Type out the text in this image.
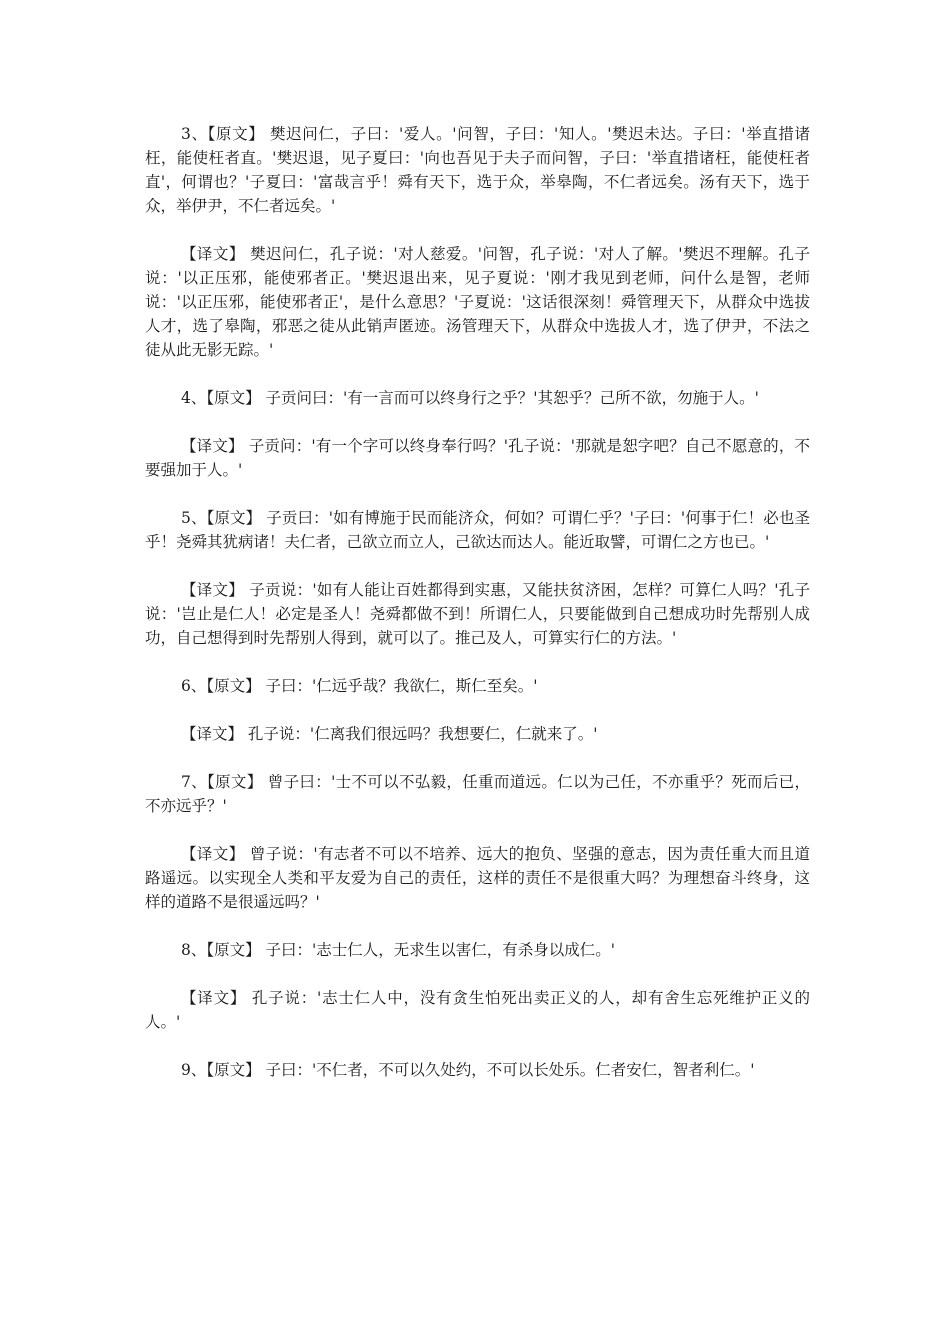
3、【原文】 樊迟问仁，子曰：'爱人。'问智，子曰：'知人。'樊迟未达。子曰：'举直措诸枉，能使枉者直。'樊迟退，见子夏曰：'向也吾见于夫子而问智，子曰：'举直措诸枉，能使枉者直'，何谓也？'子夏曰：'富哉言乎！舜有天下，选于众，举皋陶，不仁者远矣。汤有天下，选于众，举伊尹，不仁者远矣。'

【译文】 樊迟问仁，孔子说：'对人慈爱。'问智，孔子说：'对人了解。'樊迟不理解。孔子说：'以正压邪，能使邪者正。'樊迟退出来，见子夏说：'刚才我见到老师，问什么是智，老师说：'以正压邪，能使邪者正'，是什么意思？'子夏说：'这话很深刻！舜管理天下，从群众中选拔人才，选了皋陶，邪恶之徒从此销声匿迹。汤管理天下，从群众中选拔人才，选了伊尹，不法之徒从此无影无踪。'

4、【原文】 子贡问曰：'有一言而可以终身行之乎？'其恕乎？己所不欲，勿施于人。'

【译文】 子贡问：'有一个字可以终身奉行吗？'孔子说：'那就是恕字吧？自己不愿意的，不要强加于人。'

5、【原文】 子贡曰：'如有博施于民而能济众，何如？可谓仁乎？'子曰：'何事于仁！必也圣乎！尧舜其犹病诸！夫仁者，己欲立而立人，己欲达而达人。能近取譬，可谓仁之方也已。'

【译文】 子贡说：'如有人能让百姓都得到实惠，又能扶贫济困，怎样？可算仁人吗？'孔子说：'岂止是仁人！必定是圣人！尧舜都做不到！所谓仁人，只要能做到自己想成功时先帮别人成功，自己想得到时先帮别人得到，就可以了。推己及人，可算实行仁的方法。'

6、【原文】 子曰：'仁远乎哉？我欲仁，斯仁至矣。'

【译文】 孔子说：'仁离我们很远吗？我想要仁，仁就来了。'

7、【原文】 曾子曰：'士不可以不弘毅，任重而道远。仁以为己任，不亦重乎？死而后已，不亦远乎？'

【译文】 曾子说：'有志者不可以不培养、远大的抱负、坚强的意志，因为责任重大而且道路遥远。以实现全人类和平友爱为自己的责任，这样的责任不是很重大吗？为理想奋斗终身，这样的道路不是很遥远吗？'

8、【原文】 子曰：'志士仁人，无求生以害仁，有杀身以成仁。'

【译文】 孔子说：'志士仁人中，没有贪生怕死出卖正义的人，却有舍生忘死维护正义的人。'

9、【原文】 子曰：'不仁者，不可以久处约，不可以长处乐。仁者安仁，智者利仁。'
